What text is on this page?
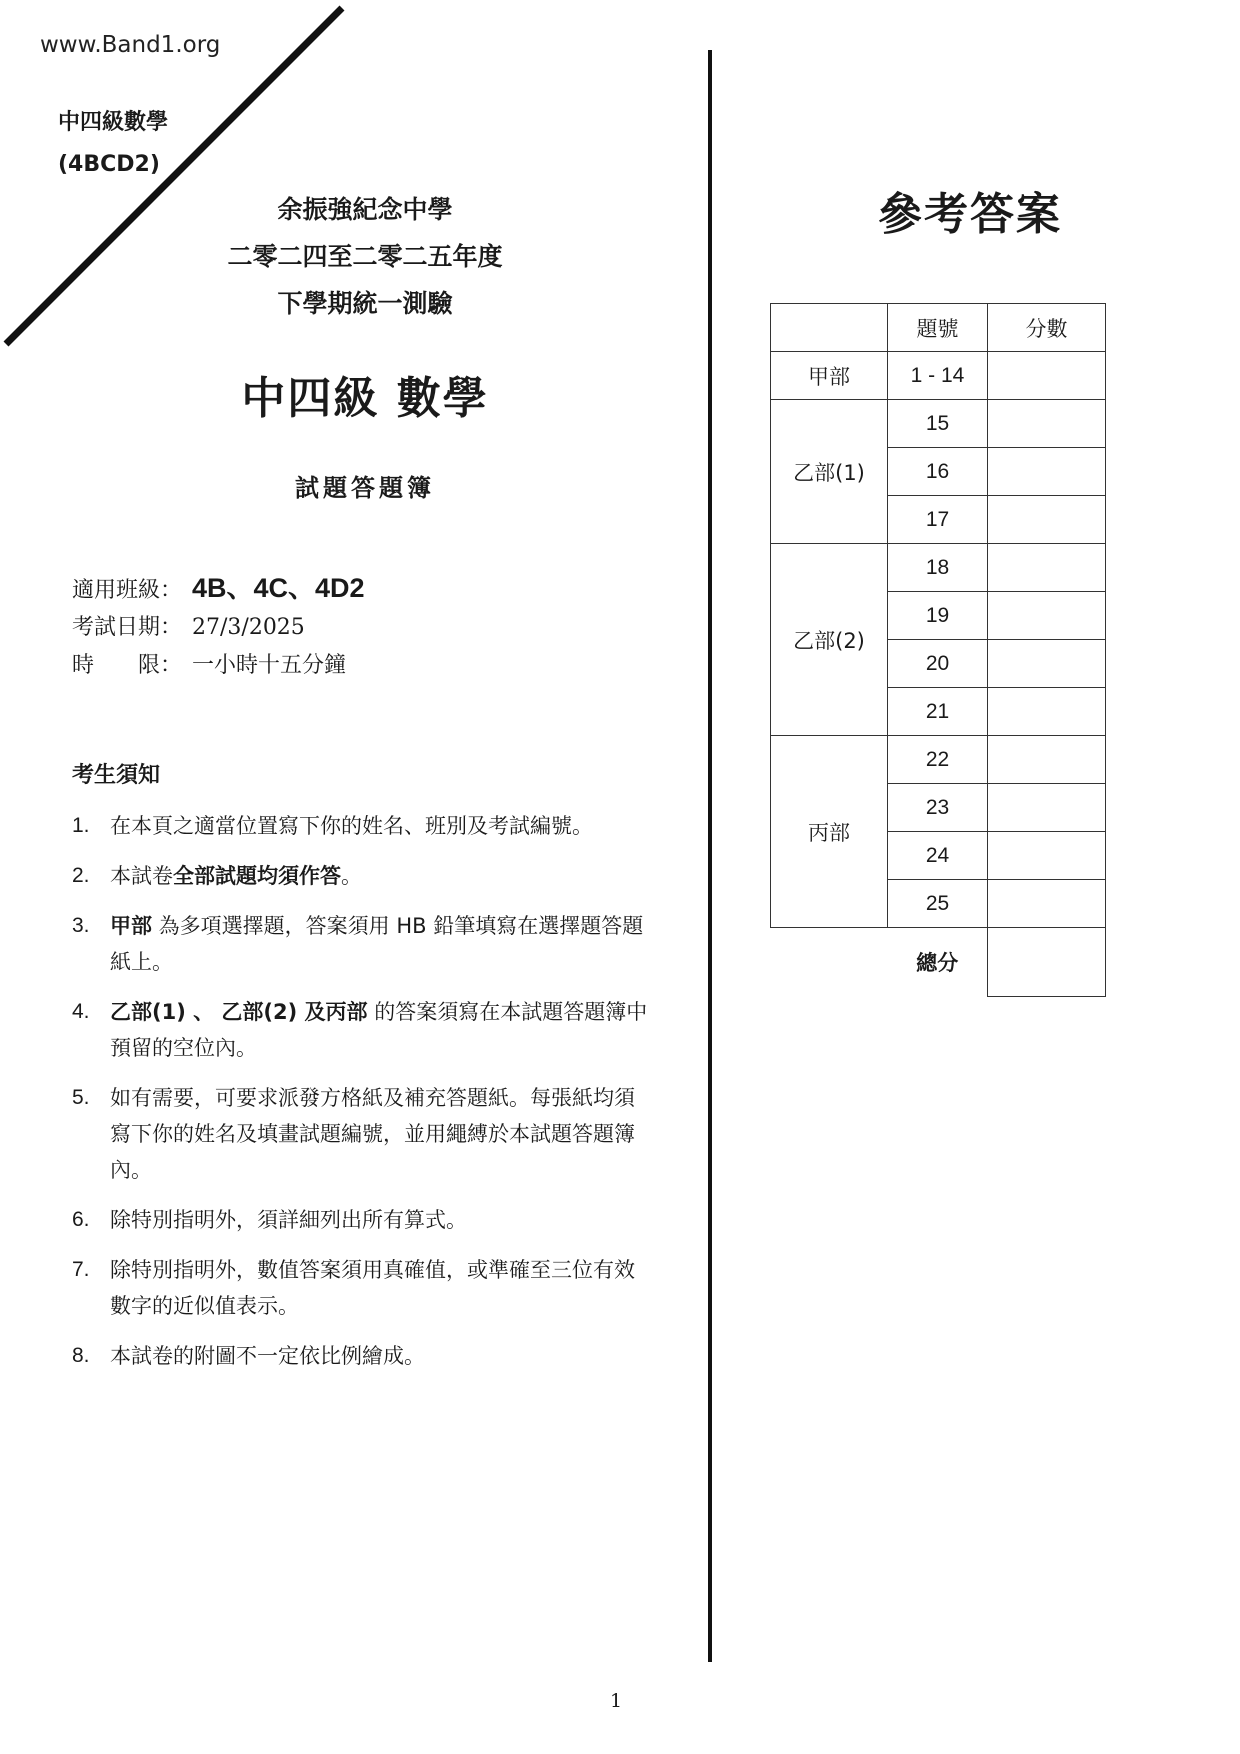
www.Band1.org
中四級數學
(4BCD2)
余振強紀念中學
二零二四至二零二五年度
下學期統一測驗
中四級 數學
試題答題簿
適用班級： 4B、4C、4D2
考試日期： 27/3/2025
時　　限： 一小時十五分鐘
考生須知
1. 在本頁之適當位置寫下你的姓名、班別及考試編號。
2. 本試卷全部試題均須作答。
3. 甲部 為多項選擇題，答案須用 HB 鉛筆填寫在選擇題答題紙上。
4. 乙部(1) 、 乙部(2) 及丙部 的答案須寫在本試題答題簿中預留的空位內。
5. 如有需要，可要求派發方格紙及補充答題紙。每張紙均須寫下你的姓名及填畫試題編號，並用繩縛於本試題答題簿內。
6. 除特別指明外，須詳細列出所有算式。
7. 除特別指明外，數值答案須用真確值，或準確至三位有效數字的近似值表示。
8. 本試卷的附圖不一定依比例繪成。
參考答案
	題號	分數
甲部	1 - 14	
乙部(1)	15	
	16	
	17	
乙部(2)	18	
	19	
	20	
	21	
丙部	22	
	23	
	24	
	25	
	總分	
1
